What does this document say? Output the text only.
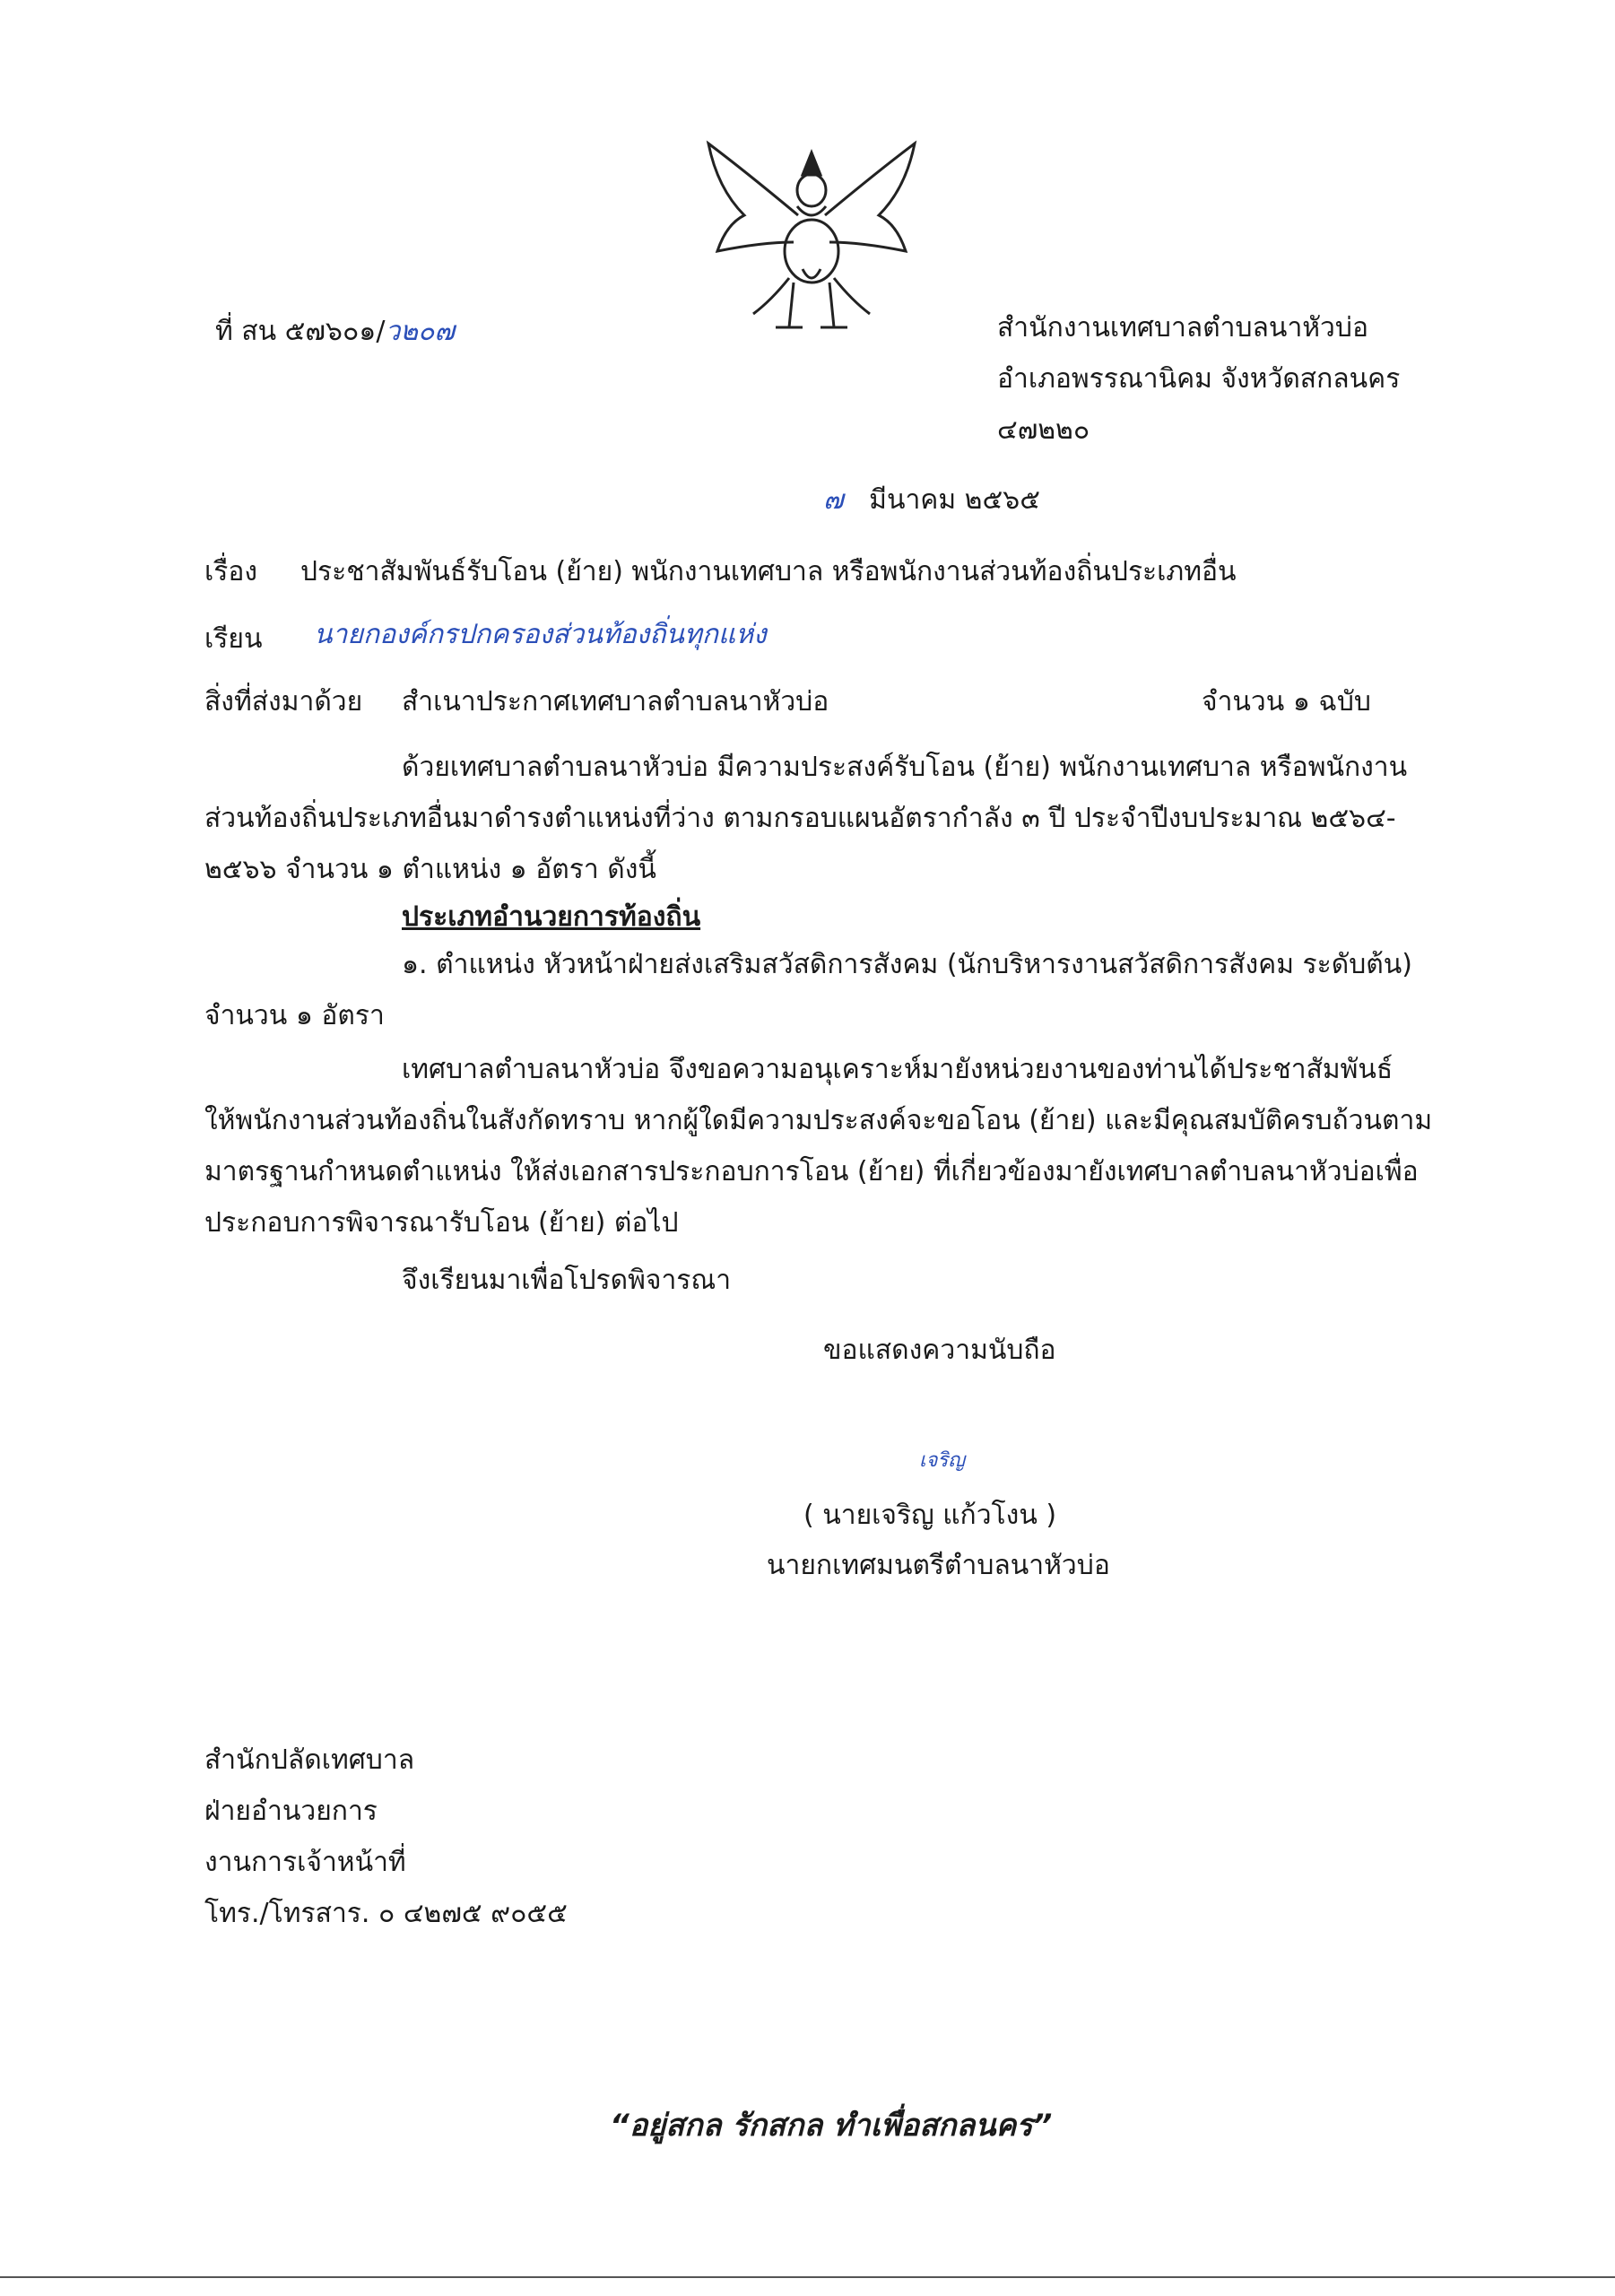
ที่ สน ๕๗๖๐๑/ว๒๐๗	สำนักงานเทศบาลตำบลนาหัวบ่อ
อำเภอพรรณานิคม จังหวัดสกลนคร
๔๗๒๒๐
๗ มีนาคม ๒๕๖๕
เรื่อง ประชาสัมพันธ์รับโอน (ย้าย) พนักงานเทศบาล หรือพนักงานส่วนท้องถิ่นประเภทอื่น
เรียน นายกองค์กรปกครองส่วนท้องถิ่นทุกแห่ง
สิ่งที่ส่งมาด้วย สำเนาประกาศเทศบาลตำบลนาหัวบ่อ	จำนวน ๑ ฉบับ
ด้วยเทศบาลตำบลนาหัวบ่อ มีความประสงค์รับโอน (ย้าย) พนักงานเทศบาล หรือพนักงาน
ส่วนท้องถิ่นประเภทอื่นมาดำรงตำแหน่งที่ว่าง ตามกรอบแผนอัตรากำลัง ๓ ปี ประจำปีงบประมาณ ๒๕๖๔-
๒๕๖๖ จำนวน ๑ ตำแหน่ง ๑ อัตรา ดังนี้
ประเภทอำนวยการท้องถิ่น
๑. ตำแหน่ง หัวหน้าฝ่ายส่งเสริมสวัสดิการสังคม (นักบริหารงานสวัสดิการสังคม ระดับต้น)
จำนวน ๑ อัตรา
เทศบาลตำบลนาหัวบ่อ จึงขอความอนุเคราะห์มายังหน่วยงานของท่านได้ประชาสัมพันธ์
ให้พนักงานส่วนท้องถิ่นในสังกัดทราบ หากผู้ใดมีความประสงค์จะขอโอน (ย้าย) และมีคุณสมบัติครบถ้วนตาม
มาตรฐานกำหนดตำแหน่ง ให้ส่งเอกสารประกอบการโอน (ย้าย) ที่เกี่ยวข้องมายังเทศบาลตำบลนาหัวบ่อเพื่อ
ประกอบการพิจารณารับโอน (ย้าย) ต่อไป
จึงเรียนมาเพื่อโปรดพิจารณา
ขอแสดงความนับถือ
เจริญ
( นายเจริญ แก้วโงน )
นายกเทศมนตรีตำบลนาหัวบ่อ
สำนักปลัดเทศบาล
ฝ่ายอำนวยการ
งานการเจ้าหน้าที่
โทร./โทรสาร. ๐ ๔๒๗๕ ๙๐๕๕
“อยู่สกล รักสกล ทำเพื่อสกลนคร”
